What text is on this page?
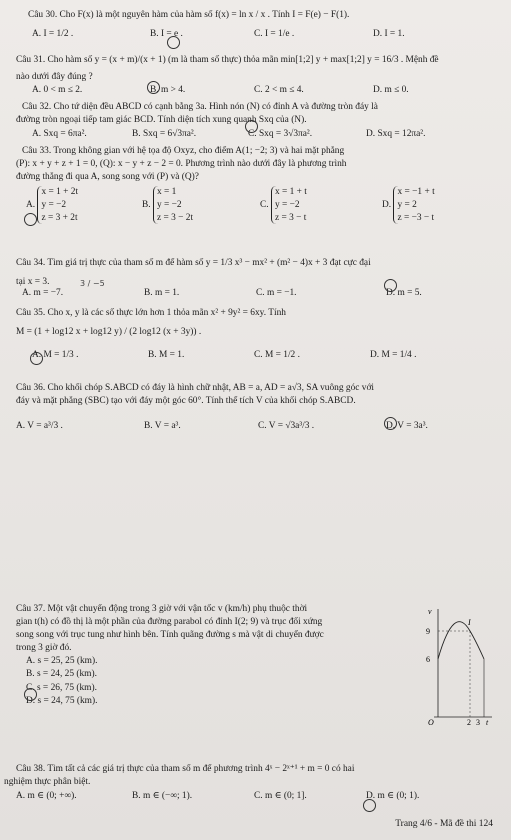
Câu 30. Cho F(x) là một nguyên hàm của hàm số f(x) = ln x / x . Tính I = F(e) − F(1).
A. I = 1/2 .	B. I = e .	C. I = 1/e .	D. I = 1.
Câu 31. Cho hàm số y = (x + m)/(x + 1) (m là tham số thực) thỏa mãn min[1;2] y + max[1;2] y = 16/3 . Mệnh đề
nào dưới đây đúng ?
A. 0 < m ≤ 2.	B. m > 4.	C. 2 < m ≤ 4.	D. m ≤ 0.
Câu 32. Cho tứ diện đều ABCD có cạnh bằng 3a. Hình nón (N) có đỉnh A và đường tròn đáy là
đường tròn ngoại tiếp tam giác BCD. Tính diện tích xung quanh Sxq của (N).
A. Sxq = 6πa².	B. Sxq = 6√3πa².	C. Sxq = 3√3πa².	D. Sxq = 12πa².
Câu 33. Trong không gian với hệ tọa độ Oxyz, cho điểm A(1; −2; 3) và hai mặt phẳng
(P): x + y + z + 1 = 0, (Q): x − y + z − 2 = 0. Phương trình nào dưới đây là phương trình
đường thẳng đi qua A, song song với (P) và (Q)?
A.
x = 1 + 2t
y = −2
z = 3 + 2t
B.
x = 1
y = −2
z = 3 − 2t
C.
x = 1 + t
y = −2
z = 3 − t
D.
x = −1 + t
y = 2
z = −3 − t
Câu 34. Tìm giá trị thực của tham số m để hàm số y = 1/3 x³ − mx² + (m² − 4)x + 3 đạt cực đại
tại x = 3.
A. m = −7.
3 / −5
B. m = 1.	C. m = −1.	D. m = 5.
Câu 35. Cho x, y là các số thực lớn hơn 1 thỏa mãn x² + 9y² = 6xy. Tính
M = (1 + log12 x + log12 y) / (2 log12 (x + 3y)) .
A. M = 1/3 .	B. M = 1.	C. M = 1/2 .	D. M = 1/4 .
Câu 36. Cho khối chóp S.ABCD có đáy là hình chữ nhật, AB = a, AD = a√3, SA vuông góc với
đáy và mặt phẳng (SBC) tạo với đáy một góc 60°. Tính thể tích V của khối chóp S.ABCD.
A. V = a³/3 .	B. V = a³.	C. V = √3a³/3 .	D. V = 3a³.
Câu 37. Một vật chuyển động trong 3 giờ với vận tốc v (km/h) phụ thuộc thời
gian t(h) có đồ thị là một phần của đường parabol có đỉnh I(2; 9) và trục đối xứng
song song với trục tung như hình bên. Tính quãng đường s mà vật di chuyển được
trong 3 giờ đó.
A. s = 25, 25 (km).
B. s = 24, 25 (km).
C. s = 26, 75 (km).
D. s = 24, 75 (km).
v
I
9
6
O	2 3 t
Câu 38. Tìm tất cả các giá trị thực của tham số m để phương trình 4ˣ − 2ˣ⁺¹ + m = 0 có hai
nghiệm thực phân biệt.
A. m ∈ (0; +∞).	B. m ∈ (−∞; 1).	C. m ∈ (0; 1].	D. m ∈ (0; 1).
Trang 4/6 - Mã đề thi 124
